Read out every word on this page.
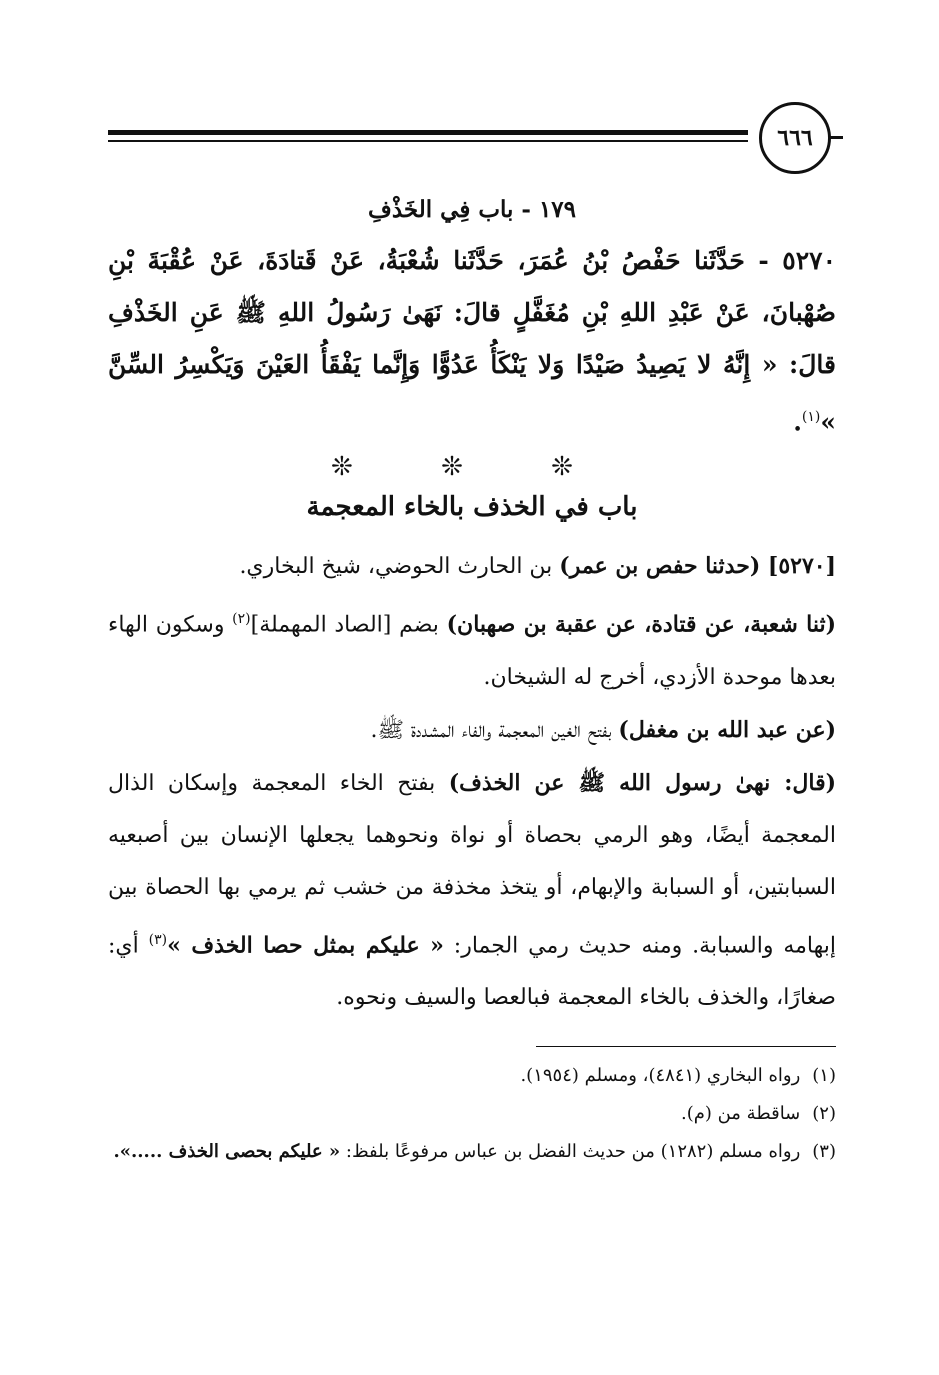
٦٦٦
١٧٩ - باب فِي الخَذْفِ

٥٢٧٠ - حَدَّثَنا حَفْصُ بْنُ عُمَرَ، حَدَّثَنا شُعْبَةُ، عَنْ قَتادَةَ، عَنْ عُقْبَةَ بْنِ صُهْبانَ، عَنْ عَبْدِ اللهِ بْنِ مُغَفَّلٍ قالَ: نَهَىٰ رَسُولُ اللهِ ﷺ عَنِ الخَذْفِ قالَ: « إِنَّهُ لا يَصِيدُ صَيْدًا وَلا يَنْكَأُ عَدُوًّا وَإِنَّما يَفْقَأُ العَيْنَ وَيَكْسِرُ السِّنَّ »$^{(١)}$.

❊ ❊ ❊
باب في الخذف بالخاء المعجمة

[٥٢٧٠] (حدثنا حفص بن عمر) بن الحارث الحوضي، شيخ البخاري.

(ثنا شعبة، عن قتادة، عن عقبة بن صهبان) بضم [الصاد المهملة]$^{(٢)}$ وسكون الهاء بعدها موحدة الأزدي، أخرج له الشيخان.

(عن عبد الله بن مغفل) بفتح الغين المعجمة والفاء المشددة ﷺ.

(قال: نهىٰ رسول الله ﷺ عن الخذف) بفتح الخاء المعجمة وإسكان الذال المعجمة أيضًا، وهو الرمي بحصاة أو نواة ونحوهما يجعلها الإنسان بين أصبعيه السبابتين، أو السبابة والإبهام، أو يتخذ مخذفة من خشب ثم يرمي بها الحصاة بين إبهامه والسبابة. ومنه حديث رمي الجمار: « عليكم بمثل حصا الخذف »$^{(٣)}$ أي: صغارًا، والخذف بالخاء المعجمة فبالعصا والسيف ونحوه.

(١)رواه البخاري (٤٨٤١)، ومسلم (١٩٥٤).

(٢)ساقطة من (م).

(٣)رواه مسلم (١٢٨٢) من حديث الفضل بن عباس مرفوعًا بلفظ: « عليكم بحصى الخذف .....».
